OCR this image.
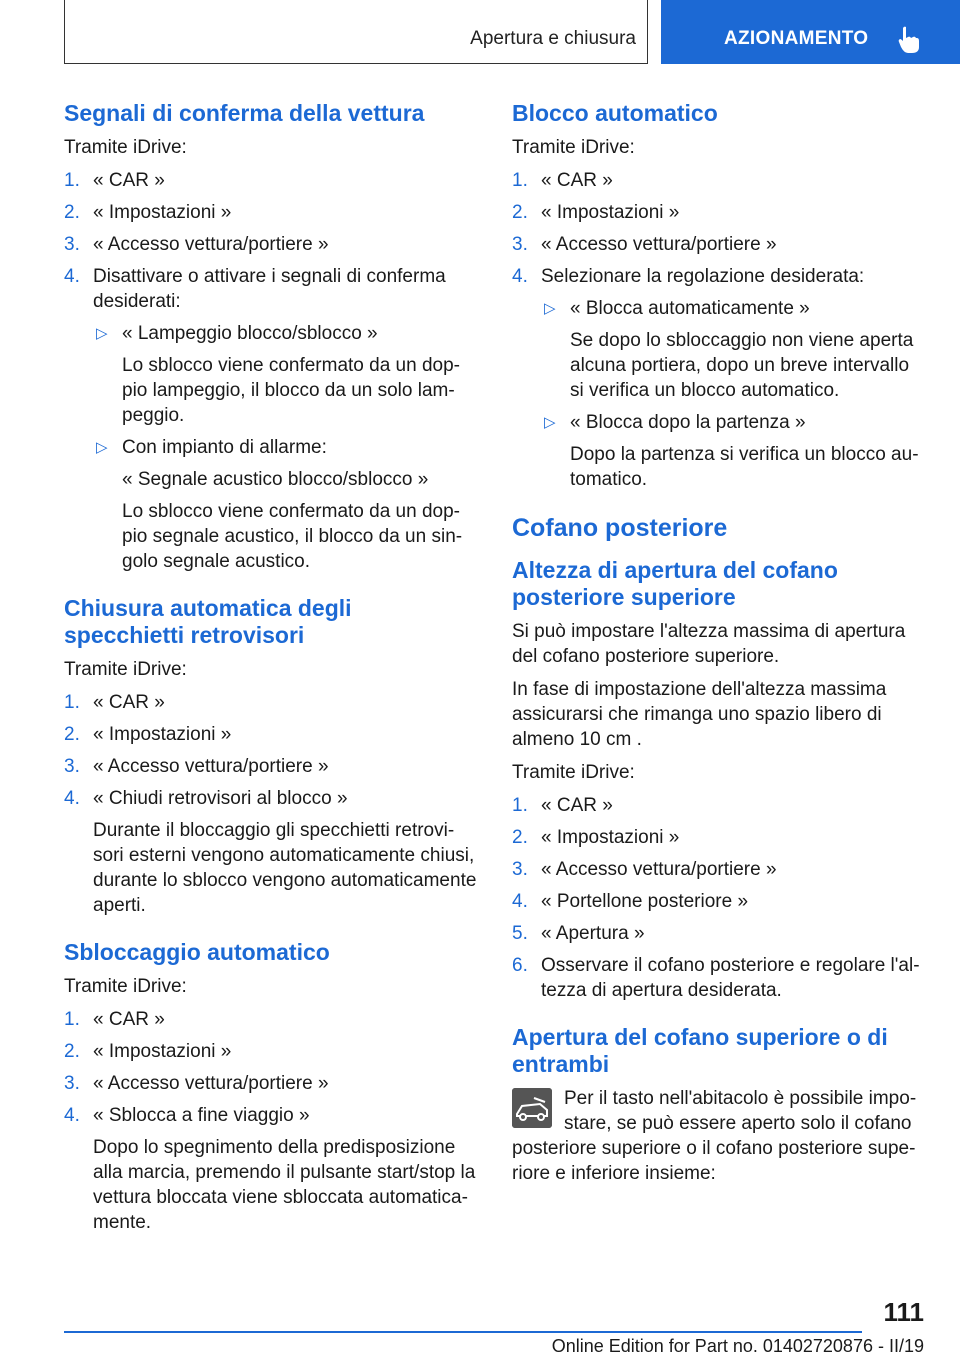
Apertura e chiusura	AZIONAMENTO
Segnali di conferma della vettura
Tramite iDrive:
1. « CAR »
2. « Impostazioni »
3. « Accesso vettura/portiere »
4. Disattivare o attivare i segnali di conferma desiderati:
▷ « Lampeggio blocco/sblocco »
Lo sblocco viene confermato da un doppio lampeggio, il blocco da un solo lampeggio.
▷ Con impianto di allarme:
« Segnale acustico blocco/sblocco »
Lo sblocco viene confermato da un doppio segnale acustico, il blocco da un singolo segnale acustico.
Chiusura automatica degli specchietti retrovisori
Tramite iDrive:
1. « CAR »
2. « Impostazioni »
3. « Accesso vettura/portiere »
4. « Chiudi retrovisori al blocco »
Durante il bloccaggio gli specchietti retrovisori esterni vengono automaticamente chiusi, durante lo sblocco vengono automaticamente aperti.
Sbloccaggio automatico
Tramite iDrive:
1. « CAR »
2. « Impostazioni »
3. « Accesso vettura/portiere »
4. « Sblocca a fine viaggio »
Dopo lo spegnimento della predisposizione alla marcia, premendo il pulsante start/stop la vettura bloccata viene sbloccata automaticamente.
Blocco automatico
Tramite iDrive:
1. « CAR »
2. « Impostazioni »
3. « Accesso vettura/portiere »
4. Selezionare la regolazione desiderata:
▷ « Blocca automaticamente »
Se dopo lo sbloccaggio non viene aperta alcuna portiera, dopo un breve intervallo si verifica un blocco automatico.
▷ « Blocca dopo la partenza »
Dopo la partenza si verifica un blocco automatico.
Cofano posteriore
Altezza di apertura del cofano posteriore superiore
Si può impostare l'altezza massima di apertura del cofano posteriore superiore.
In fase di impostazione dell'altezza massima assicurarsi che rimanga uno spazio libero di almeno 10 cm .
Tramite iDrive:
1. « CAR »
2. « Impostazioni »
3. « Accesso vettura/portiere »
4. « Portellone posteriore »
5. « Apertura »
6. Osservare il cofano posteriore e regolare l'altezza di apertura desiderata.
Apertura del cofano superiore o di entrambi
Per il tasto nell'abitacolo è possibile impostare, se può essere aperto solo il cofano posteriore superiore o il cofano posteriore superiore e inferiore insieme:
111
Online Edition for Part no. 01402720876 - II/19
